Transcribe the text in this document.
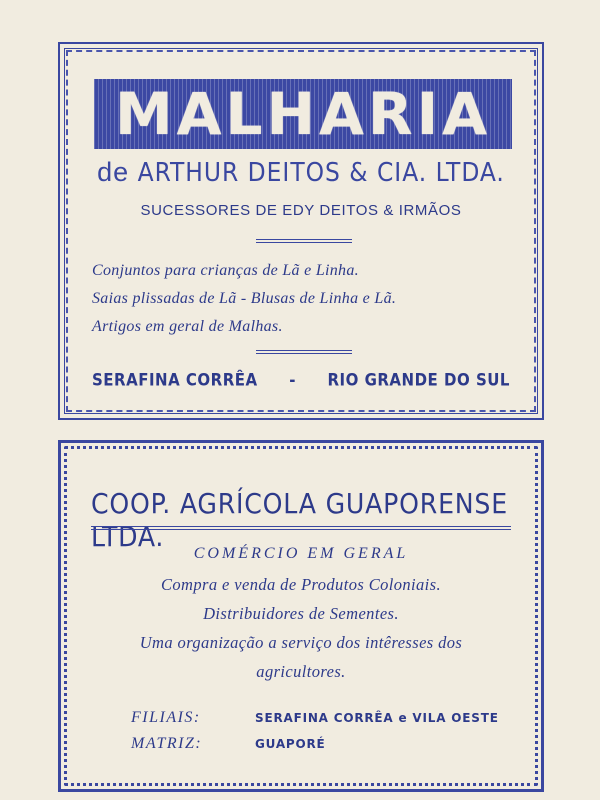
MALHARIA
de ARTHUR DEITOS & CIA. LTDA.
SUCESSORES DE EDY DEITOS & IRMÃOS
Conjuntos para crianças de Lã e Linha.
Saias plissadas de Lã - Blusas de Linha e Lã.
Artigos em geral de Malhas.
SERAFINA CORRÊA - RIO GRANDE DO SUL
COOP. AGRÍCOLA GUAPORENSE LTDA.
COMÉRCIO EM GERAL
Compra e venda de Produtos Coloniais.
Distribuidores de Sementes.
Uma organização a serviço dos intêresses dos
agricultores.
FILIAIS:	SERAFINA CORRÊA e VILA OESTE
MATRIZ:	GUAPORÉ
